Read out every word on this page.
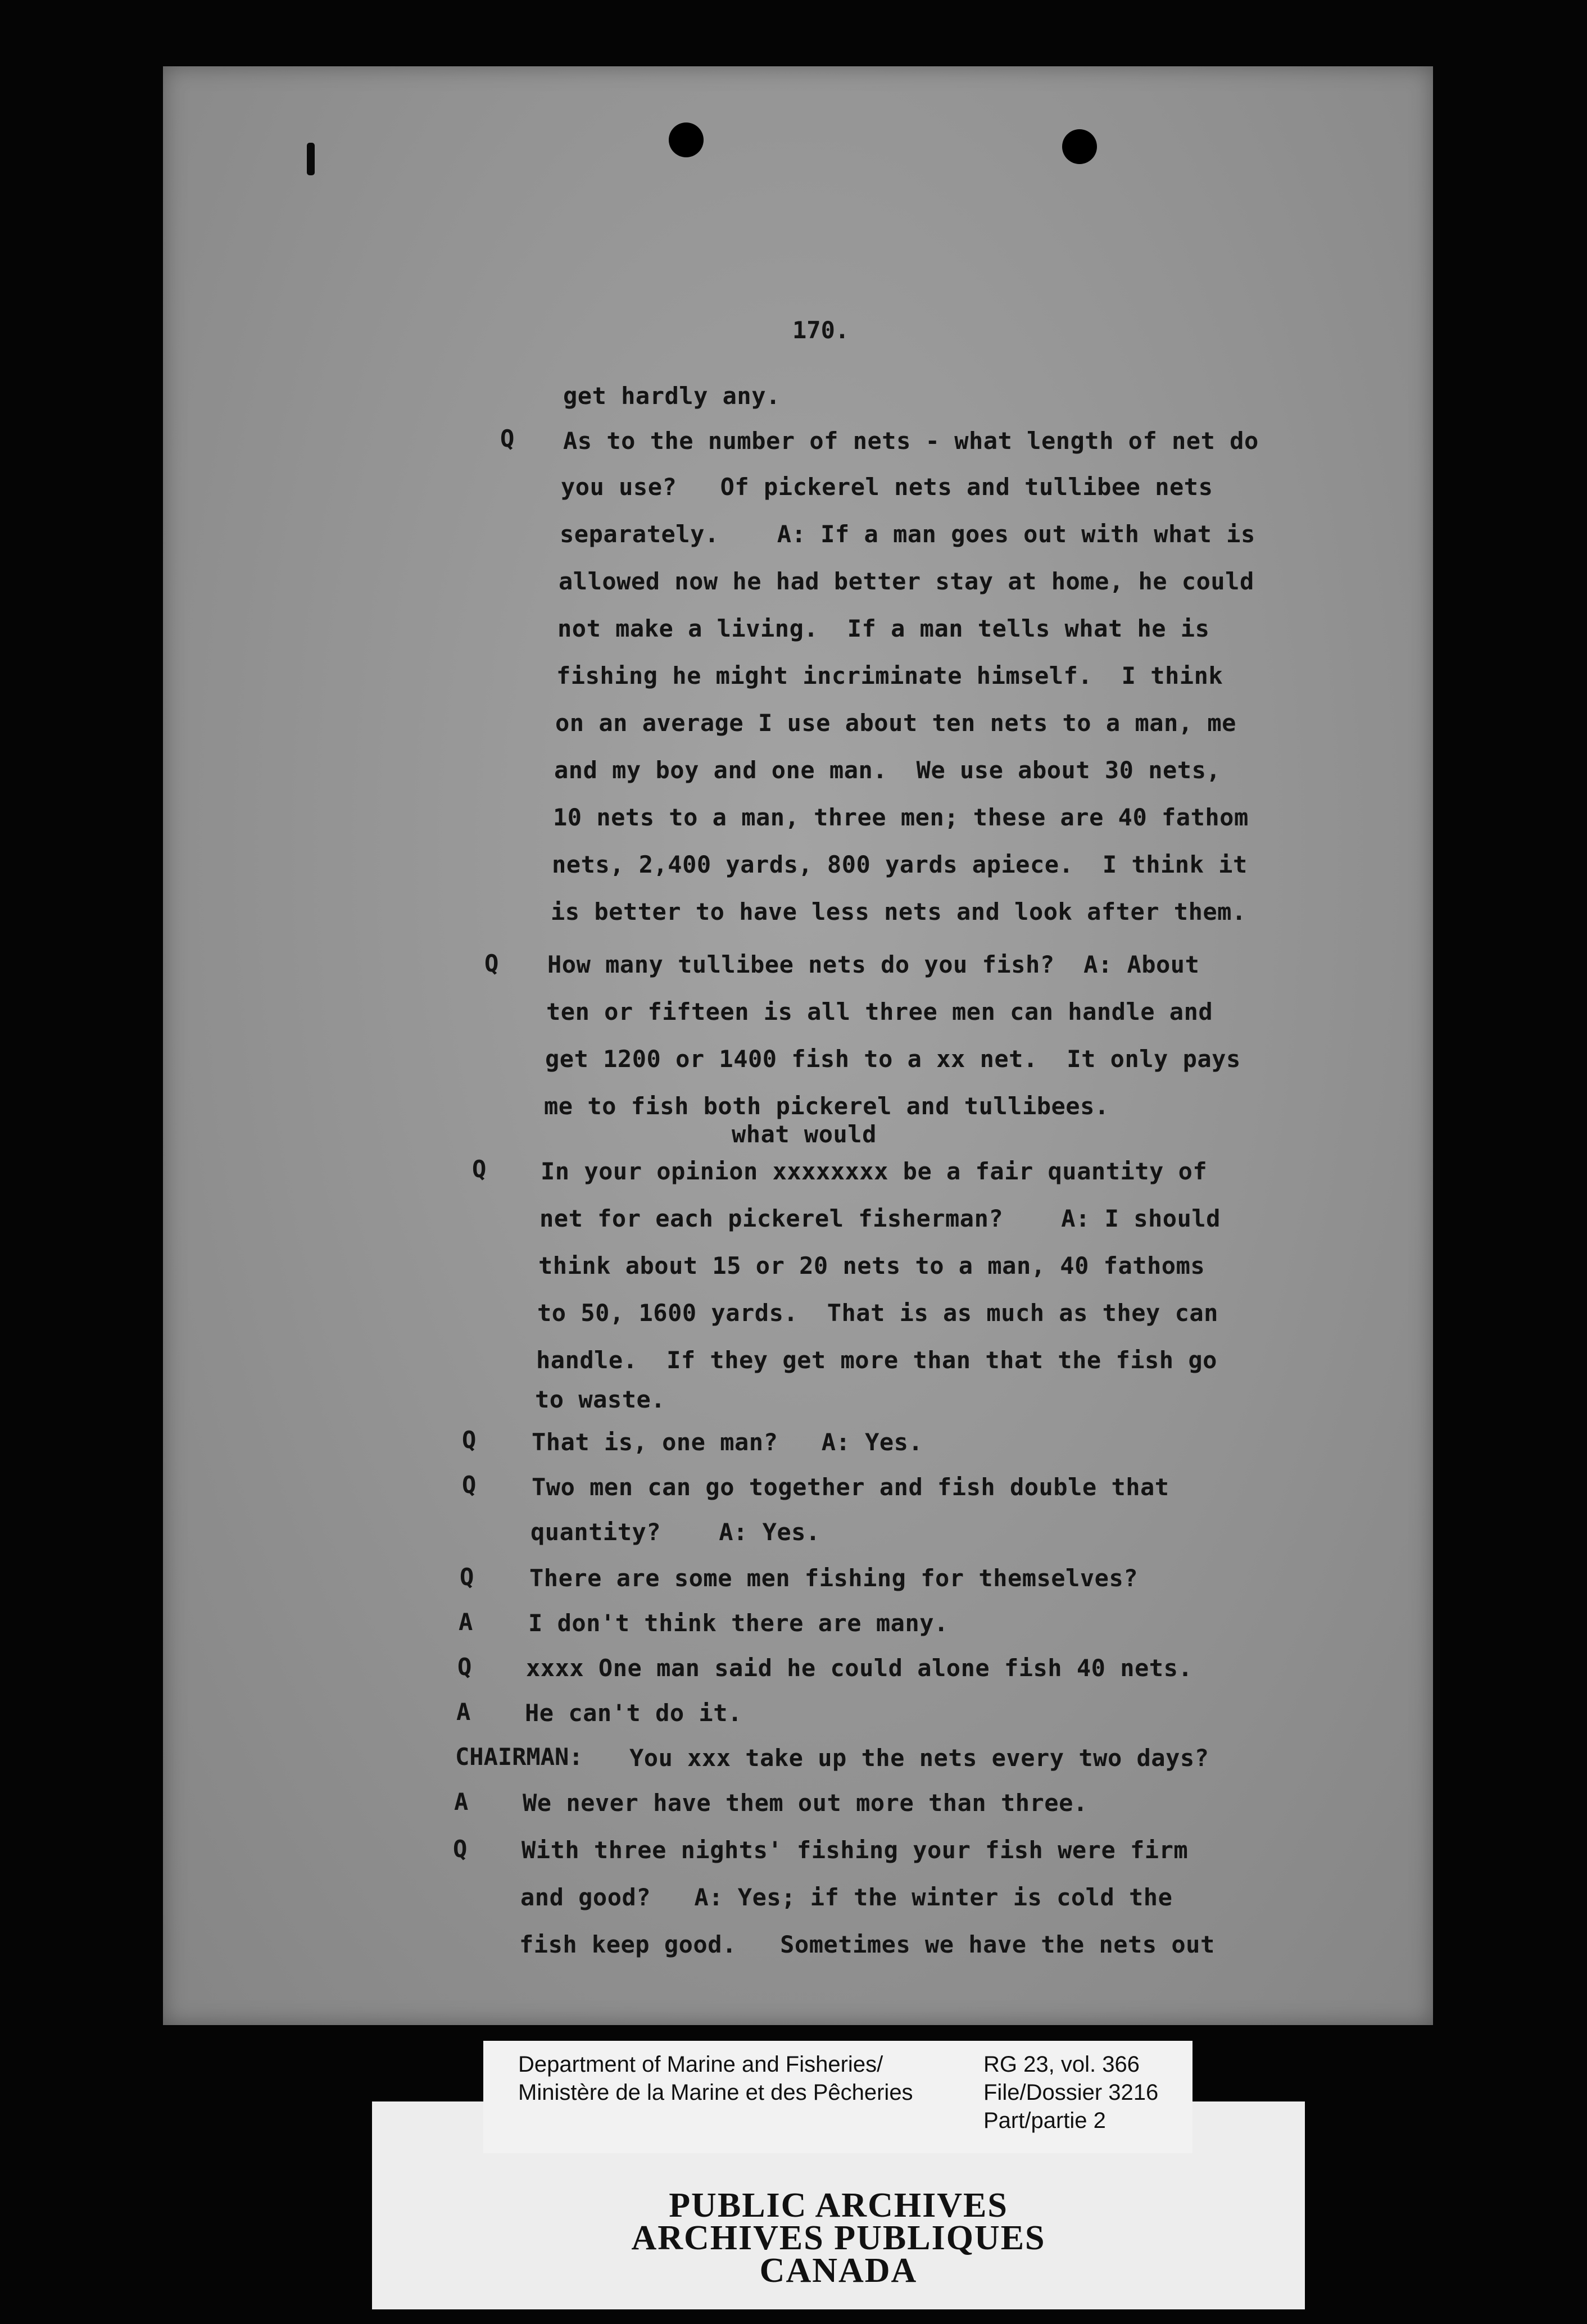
170.
Q
Q
Q
Q
Q
Q
A
Q
A
CHAIRMAN:
A
Q
get hardly any.
As to the number of nets - what length of net do
you use?   Of pickerel nets and tullibee nets
separately.    A: If a man goes out with what is
allowed now he had better stay at home, he could
not make a living.  If a man tells what he is
fishing he might incriminate himself.  I think
on an average I use about ten nets to a man, me
and my boy and one man.  We use about 30 nets,
10 nets to a man, three men; these are 40 fathom
nets, 2,400 yards, 800 yards apiece.  I think it
is better to have less nets and look after them.
How many tullibee nets do you fish?  A: About
ten or fifteen is all three men can handle and
get 1200 or 1400 fish to a xx net.  It only pays
me to fish both pickerel and tullibees.
what would
In your opinion xxxxxxxx be a fair quantity of
net for each pickerel fisherman?    A: I should
think about 15 or 20 nets to a man, 40 fathoms
to 50, 1600 yards.  That is as much as they can
handle.  If they get more than that the fish go
to waste.
That is, one man?   A: Yes.
Two men can go together and fish double that
quantity?    A: Yes.
There are some men fishing for themselves?
I don't think there are many.
xxxx One man said he could alone fish 40 nets.
He can't do it.
You xxx take up the nets every two days?
We never have them out more than three.
With three nights' fishing your fish were firm
and good?   A: Yes; if the winter is cold the
fish keep good.   Sometimes we have the nets out
PUBLIC ARCHIVES
ARCHIVES PUBLIQUES
CANADA
Department of Marine and Fisheries/
Ministère de la Marine et des Pêcheries
RG 23, vol. 366
File/Dossier 3216
Part/partie 2
